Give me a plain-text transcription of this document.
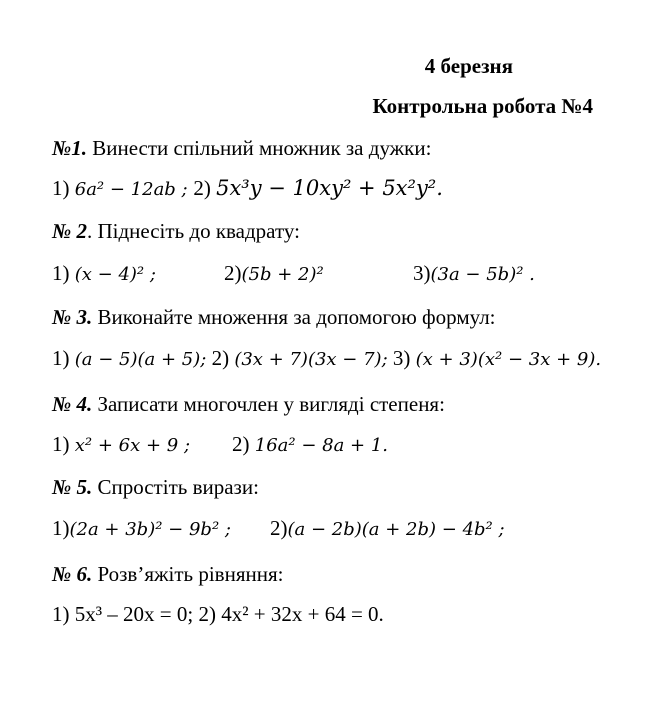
4 березня
Контрольна робота №4
№1. Винести спільний множник за дужки:
1) 6a² − 12ab ; 2) 5x³y − 10xy² + 5x²y².
№ 2. Піднесіть до квадрату:
1) (x − 4)² ;	2)(5b + 2)²	3)(3a − 5b)² .
№ 3. Виконайте множення за допомогою формул:
1) (a − 5)(a + 5); 2) (3x + 7)(3x − 7); 3) (x + 3)(x² − 3x + 9).
№ 4. Записати многочлен у вигляді степеня:
1) x² + 6x + 9 ; 2) 16a² − 8a + 1.
№ 5. Спростіть вирази:
1)(2a + 3b)² − 9b² ; 2)(a − 2b)(a + 2b) − 4b² ;
№ 6. Розв’яжіть рівняння:
1) 5x³ – 20x = 0; 2) 4x² + 32x + 64 = 0.
